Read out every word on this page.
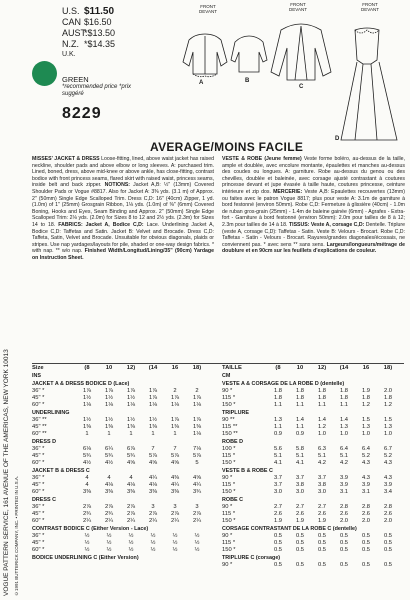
VOGUE PATTERN SERVICE, 161 AVENUE OF THE AMERICAS, NEW YORK 10013 ©1991 BUTTERICK COMPANY, INC. • PRINTED IN U.S.A.
U.S. $11.50
CAN $16.50
AUST.
*$13.50
N.Z. *$14.35
U.K.
GREEN
*recommended price *prix suggéré
8229
A	B
C
D
FRONT DEVANT
FRONT DEVANT
FRONT DEVANT
AVERAGE/MOINS FACILE
MISSES' JACKET & DRESS Loose-fitting, lined, above waist jacket has raised neckline, shoulder pads and above elbow or long sleeves. A: purchased trim. Lined, boned, dress, above mid-knee or above ankle, has close-fitting, contrast bodice with front princess seams, flared skirt with raised waist, princess seams, inside belt and back zipper. NOTIONS: Jacket A,B: ½" (13mm) Covered Shoulder Pads or Vogue #8817. Also for Jacket A: 3⅜ yds. (3.1 m) of Approx. 2" (50mm) Single Edge Scalloped Trim. Dress C,D: 16" (40cm) Zipper, 1 yd. (1.0m) of 1" (25mm) Grosgrain Ribbon, 1⅛ yds. (1.0m) of ⅜" (6mm) Covered Boning, Hooks and Eyes, Seam Binding and Approx. 2" (50mm) Single Edge Scalloped Trim: 2⅛ yds. (2.0m) for Sizes 8 to 12 and 2½ yds. (2.3m) for Sizes 14 to 18. FABRICS: Jacket A, Bodice C,D: Lace. Underlining Jacket A, Bodice C,D: Taffetas and Satin. Jacket B: Velvet and Brocade. Dress C,D: Taffeta, Satin, Velvet and Brocade. Unsuitable for obvious diagonals, plaids or stripes. Use nap yardages/layouts for pile, shaded or one-way design fabrics. * with nap. ** w/o nap. Finished Width/Longitud/Lining/35" (90cm) Yardage on Instruction Sheet.
VESTE & ROBE (Jeune femme) Veste forme boléro, au-dessus de la taille, ample et doublée, avec encolure montante, épaulettes et manches au-dessus des coudes ou longues. A: garniture. Robe au-dessus du genou ou des chevilles, doublée et baleinée, avec corsage ajusté contrastant à coutures princesse devant et jupe évasée à taille haute, coutures princesse, ceinture intérieure et zip dos. MERCERIE: Veste A,B: Epaulettes recouvertes (13mm) ou faites avec le patron Vogue 8817; plus pour veste A: 3.1m de garniture à bord festonné (environ 50mm). Robe C,D: Fermeture à glissière (40cm) - 1.0m de ruban gros-grain (25mm) - 1.4m de baleine gainée (6mm) - Agrafes - Extra-fort - Garniture à bord festonné (environ 50mm): 2.0m pour tailles de 8 à 12; 2.3m pour tailles de 14 à 18. TISSUS: Veste A, corsage C,D: Dentelle. Triplure (veste A, corsage C,D): Taffetas - Satin. Veste B: Velours - Brocart. Robe C,D: Taffetas - Satin - Velours - Brocart. Rayures/grandes diagonales/écossais, ne conviennent pas. * avec sens ** sans sens. Largeurs/longueurs/métrage de doublure et en 90cm sur les feuillets d'explications de couleur.
Size	(8	10	12)	(14	16	18)
INS
JACKET A & DRESS BODICE D (Lace)
36" *	1⅞	1⅞	1⅞	1⅞	2	2
45" *	1½	1½	1½	1⅞	1⅞	1⅞
60" *	1⅛	1⅛	1⅛	1⅛	1⅛	1⅛
UNDERLINING
36" **	1½	1½	1½	1½	1⅞	1⅞
45" **	1⅜	1⅜	1⅜	1⅜	1⅜	1⅜
60" **	1	1	1	1	1	1⅛
DRESS D
36" *	6⅛	6¼	6⅞	7	7	7⅛
45" *	5¾	5¾	5¾	5⅞	5⅞	5⅞
60" *	4½	4½	4⅝	4⅝	4⅝	5
JACKET B & DRESS C
36" *	4	4	4	4¼	4⅜	4⅝
45" *	4	4⅛	4⅛	4⅛	4¼	4¼
60" *	3⅜	3⅜	3⅜	3⅜	3⅜	3¾
DRESS C
36" *	2⅞	2⅞	2⅞	3	3	3
45" *	2¾	2¾	2⅞	2⅞	2⅞	2⅞
60" *	2¼	2¼	2¼	2¼	2¼	2¼
CONTRAST BODICE C (Either Version - Lace)
36" *	½	½	½	½	½	½
45" *	½	½	½	½	½	½
60" *	½	½	½	½	½	½
BODICE UNDERLINING C (Either Version)
TAILLE	(8	10	12)	(14	16	18)
CM
VESTE A & CORSAGE DE LA ROBE D (dentelle)
90 *	1.8	1.8	1.8	1.8	1.9	2.0
115 *	1.8	1.8	1.8	1.8	1.8	1.8
150 *	1.1	1.1	1.1	1.1	1.2	1.2
TRIPLURE
90 **	1.3	1.4	1.4	1.4	1.5	1.5
115 **	1.1	1.1	1.2	1.3	1.3	1.3
150 **	0.9	0.9	1.0	1.0	1.0	1.0
ROBE D
100 *	5.6	5.8	6.3	6.4	6.4	6.7
115 *	5.1	5.1	5.1	5.1	5.2	5.2
150 *	4.1	4.1	4.2	4.2	4.3	4.3
VESTE B & ROBE C
90 *	3.7	3.7	3.7	3.9	4.3	4.3
115 *	3.7	3.8	3.8	3.9	3.9	3.9
150 *	3.0	3.0	3.0	3.1	3.1	3.4
ROBE C
90 *	2.7	2.7	2.7	2.8	2.8	2.8
115 *	2.6	2.6	2.6	2.6	2.6	2.6
150 *	1.9	1.9	1.9	2.0	2.0	2.0
CORSAGE CONTRASTANT DE LA ROBE C (dentelle)
90 *	0.5	0.5	0.5	0.5	0.5	0.5
115 *	0.5	0.5	0.5	0.5	0.5	0.5
150 *	0.5	0.5	0.5	0.5	0.5	0.5
TRIPLURE C (corsage)
90 *	0.5	0.5	0.5	0.5	0.5	0.5
